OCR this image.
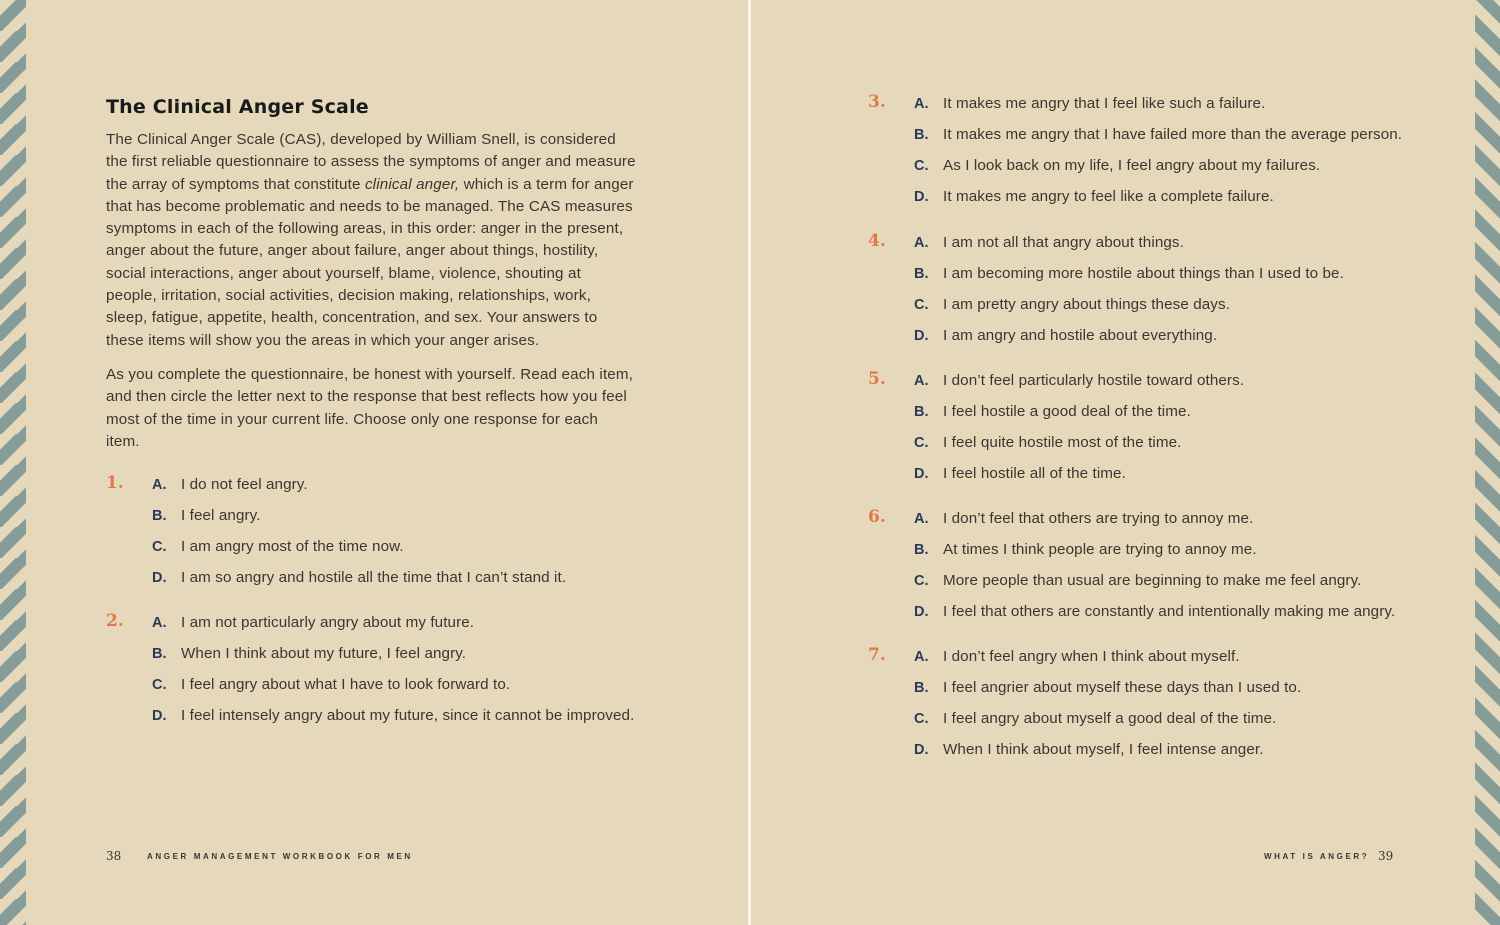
The Clinical Anger Scale

The Clinical Anger Scale (CAS), developed by William Snell, is considered the first reliable questionnaire to assess the symptoms of anger and measure the array of symptoms that constitute clinical anger, which is a term for anger that has become problematic and needs to be managed. The CAS measures symptoms in each of the following areas, in this order: anger in the present, anger about the future, anger about failure, anger about things, hostility, social interactions, anger about yourself, blame, violence, shouting at people, irritation, social activities, decision making, relationships, work, sleep, fatigue, appetite, health, concentration, and sex. Your answers to these items will show you the areas in which your anger arises.

As you complete the questionnaire, be honest with yourself. Read each item, and then circle the letter next to the response that best reflects how you feel most of the time in your current life. Choose only one response for each item.

1. A. I do not feel angry.
B. I feel angry.
C. I am angry most of the time now.
D. I am so angry and hostile all the time that I can’t stand it.
2. A. I am not particularly angry about my future.
B. When I think about my future, I feel angry.
C. I feel angry about what I have to look forward to.
D. I feel intensely angry about my future, since it cannot be improved.
38	ANGER MANAGEMENT WORKBOOK FOR MEN
3. A. It makes me angry that I feel like such a failure.
B. It makes me angry that I have failed more than the average person.
C. As I look back on my life, I feel angry about my failures.
D. It makes me angry to feel like a complete failure.
4. A. I am not all that angry about things.
B. I am becoming more hostile about things than I used to be.
C. I am pretty angry about things these days.
D. I am angry and hostile about everything.
5. A. I don’t feel particularly hostile toward others.
B. I feel hostile a good deal of the time.
C. I feel quite hostile most of the time.
D. I feel hostile all of the time.
6. A. I don’t feel that others are trying to annoy me.
B. At times I think people are trying to annoy me.
C. More people than usual are beginning to make me feel angry.
D. I feel that others are constantly and intentionally making me angry.
7. A. I don’t feel angry when I think about myself.
B. I feel angrier about myself these days than I used to.
C. I feel angry about myself a good deal of the time.
D. When I think about myself, I feel intense anger.
WHAT IS ANGER? 39
